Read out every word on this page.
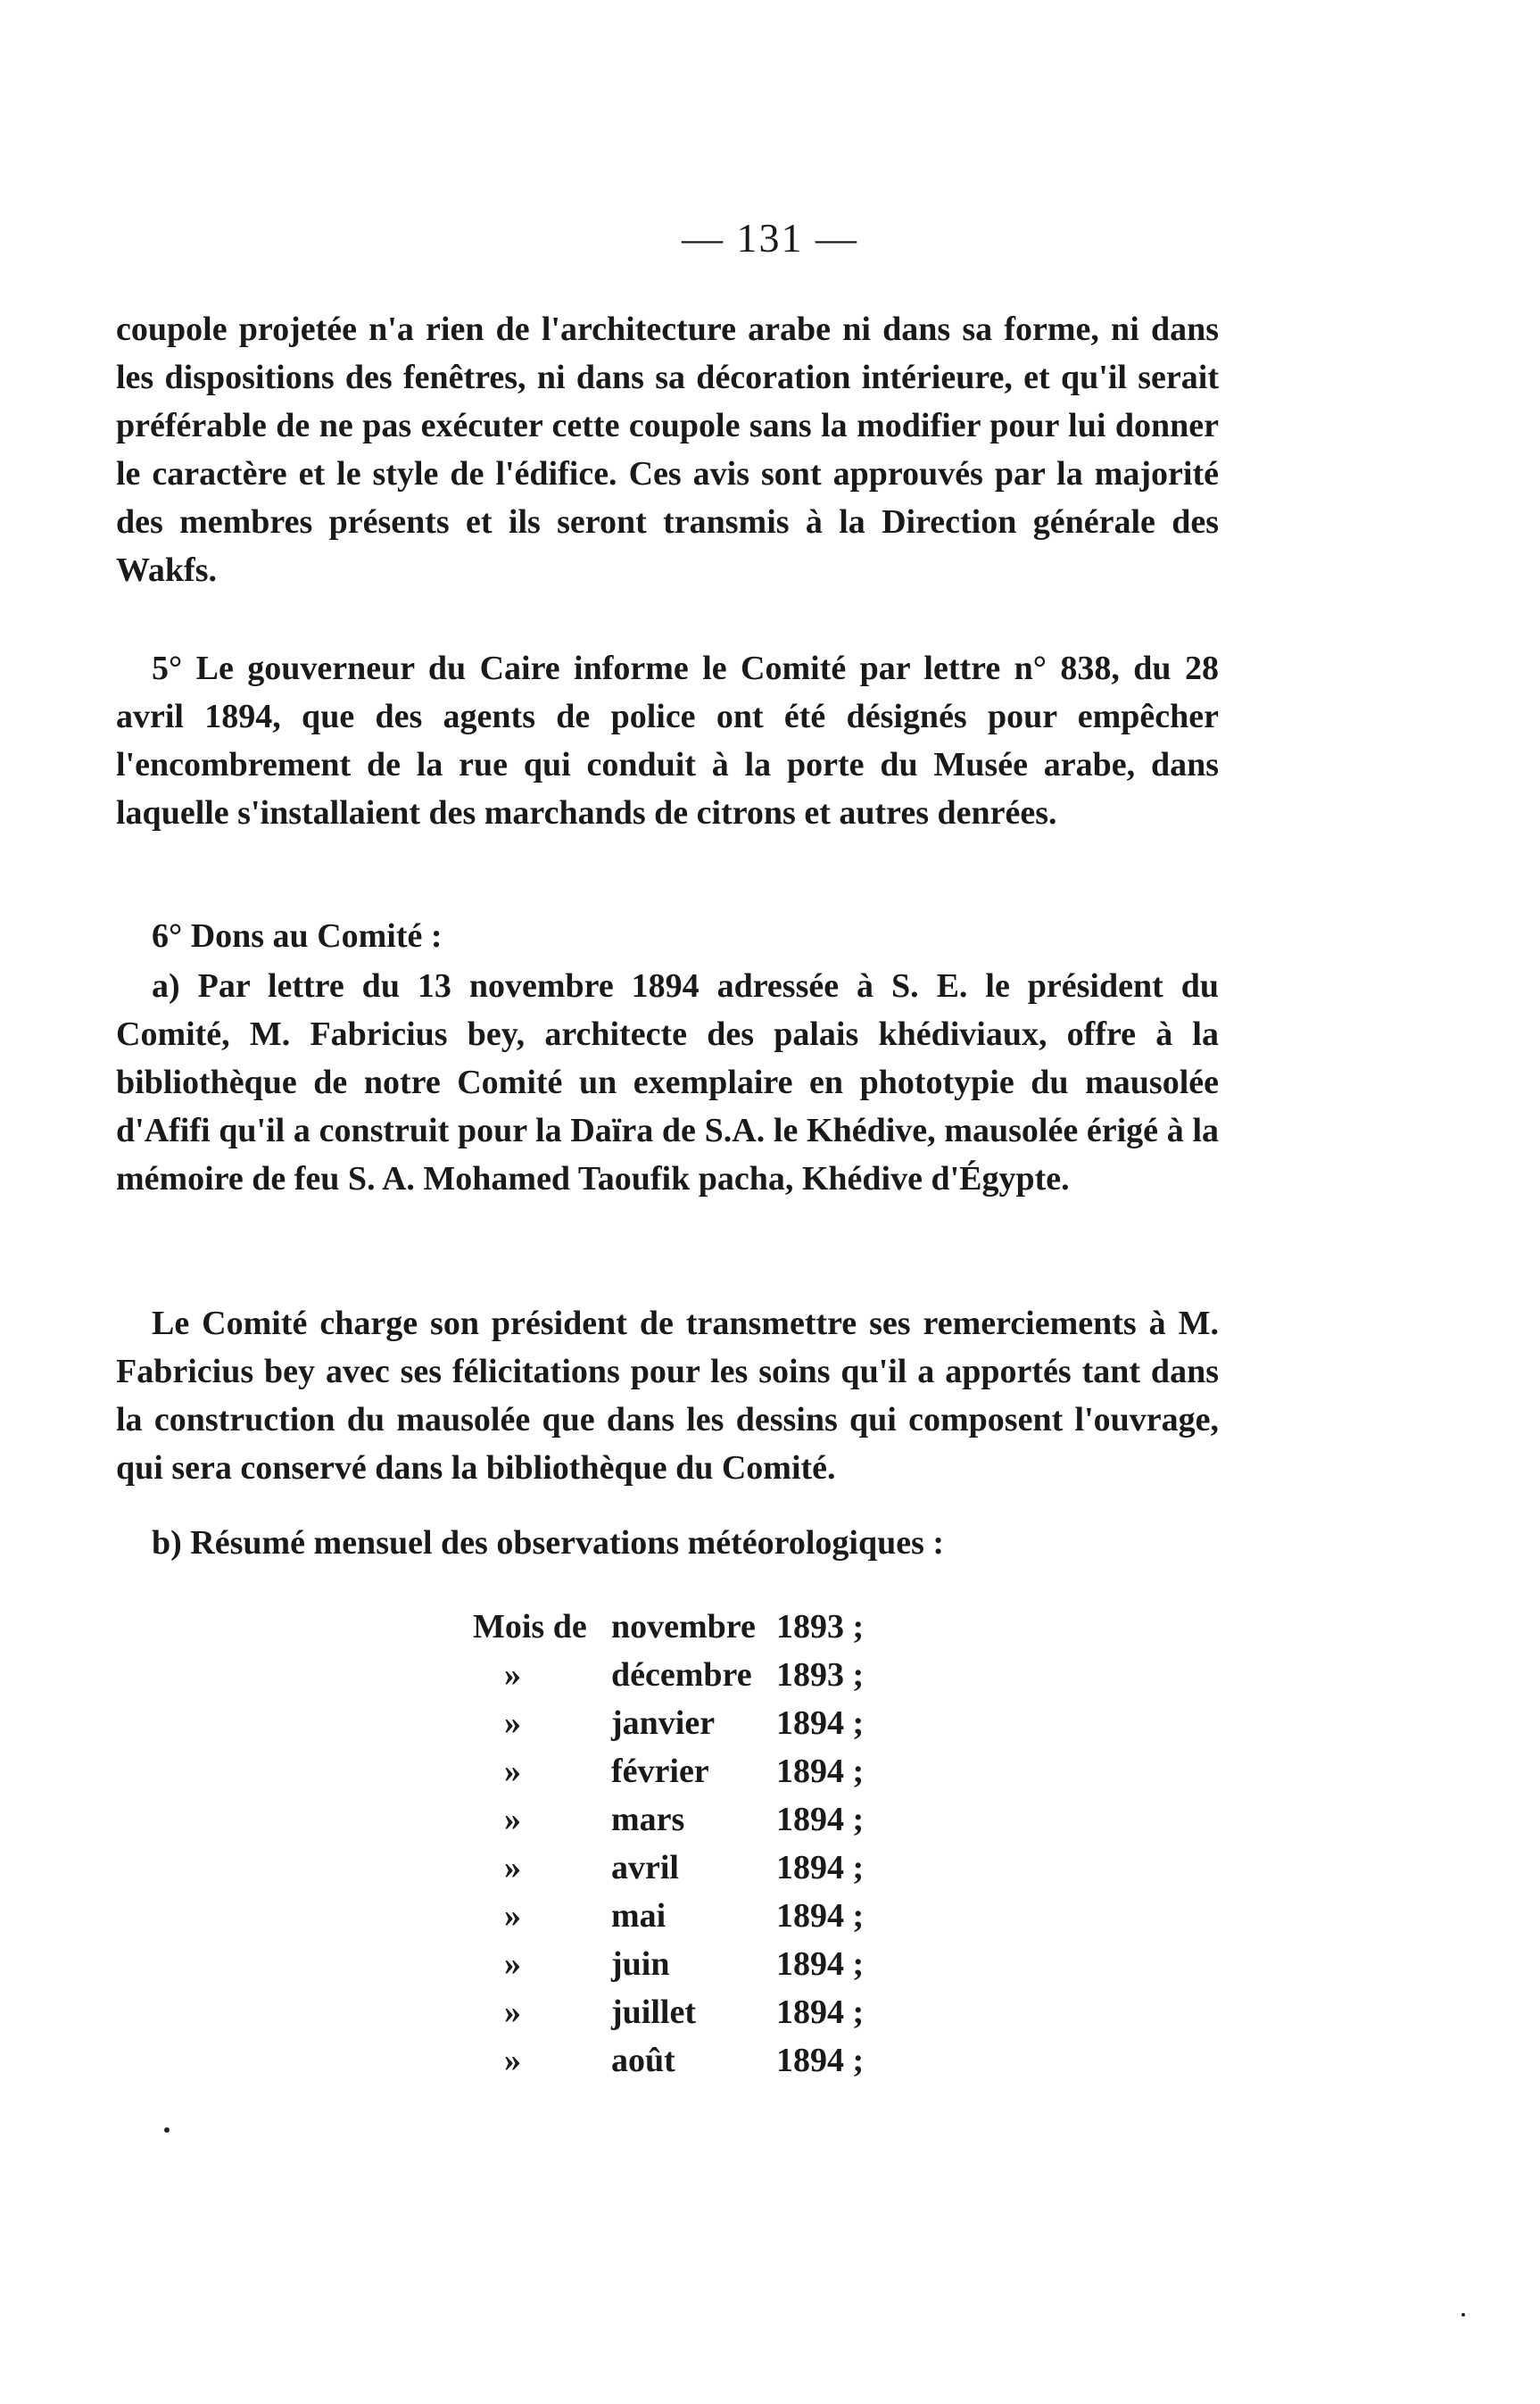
— 131 —

coupole projetée n'a rien de l'architecture arabe ni dans sa forme, ni dans les dispositions des fenêtres, ni dans sa décoration intérieure, et qu'il serait préférable de ne pas exécuter cette coupole sans la modifier pour lui donner le caractère et le style de l'édifice. Ces avis sont approuvés par la majorité des membres présents et ils seront transmis à la Direction générale des Wakfs.

5° Le gouverneur du Caire informe le Comité par lettre n° 838, du 28 avril 1894, que des agents de police ont été désignés pour empêcher l'encombrement de la rue qui conduit à la porte du Musée arabe, dans laquelle s'installaient des marchands de citrons et autres denrées.

6° Dons au Comité :

a) Par lettre du 13 novembre 1894 adressée à S. E. le président du Comité, M. Fabricius bey, architecte des palais khédiviaux, offre à la bibliothèque de notre Comité un exemplaire en phototypie du mausolée d'Afifi qu'il a construit pour la Daïra de S.A. le Khédive, mausolée érigé à la mémoire de feu S. A. Mohamed Taoufik pacha, Khédive d'Égypte.

Le Comité charge son président de transmettre ses remerciements à M. Fabricius bey avec ses félicitations pour les soins qu'il a apportés tant dans la construction du mausolée que dans les dessins qui composent l'ouvrage, qui sera conservé dans la bibliothèque du Comité.

b) Résumé mensuel des observations météorologiques :

Mois de	novembre	1893 ;
»	décembre	1893 ;
»	janvier	1894 ;
»	février	1894 ;
»	mars	1894 ;
»	avril	1894 ;
»	mai	1894 ;
»	juin	1894 ;
»	juillet	1894 ;
»	août	1894 ;
